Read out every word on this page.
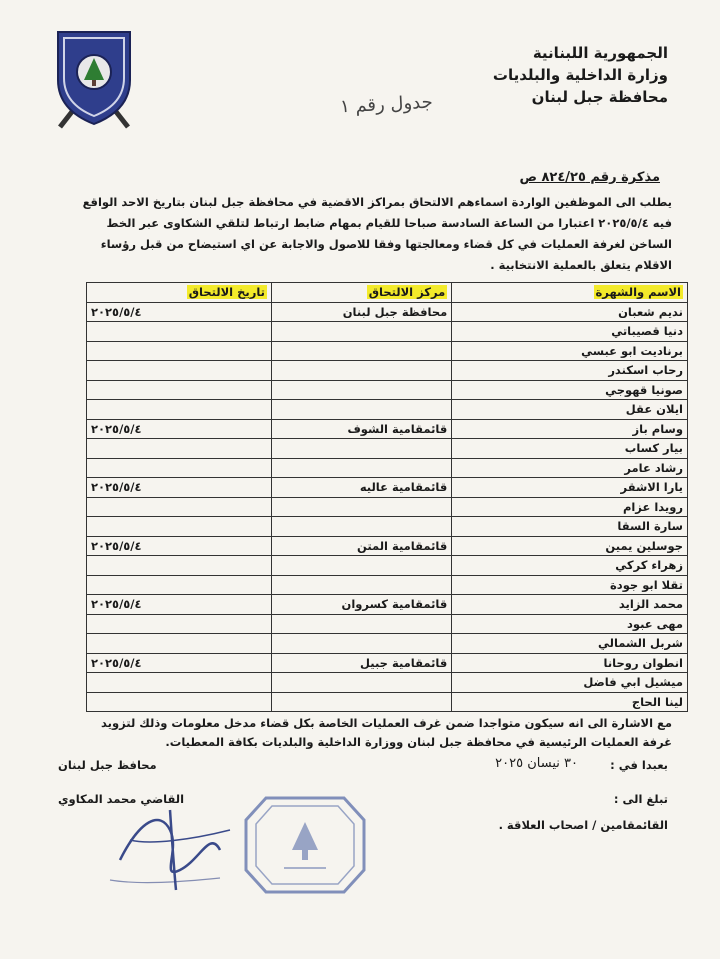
الجمهورية اللبنانية
وزارة الداخلية والبلديات
محافظة جبل لبنان
جدول رقم ١
مذكرة رقم ٨٢٤/٢٥ ص
يطلب الى الموظفين الواردة اسماءهم الالتحاق بمراكز الاقضية في محافظة جبل لبنان بتاريخ الاحد الواقع
فيه ٢٠٢٥/٥/٤ اعتبارا من الساعة السادسة صباحا للقيام بمهام ضابط ارتباط لتلقي الشكاوى عبر الخط
الساخن لغرفة العمليات في كل قضاء ومعالجتها وفقا للاصول والاجابة عن اي استيضاح من قبل رؤساء
الاقلام يتعلق بالعملية الانتخابية .
الاسم والشهرة	مركز الالتحاق	تاريخ الالتحاق
نديم شعبان	محافظة جبل لبنان	٢٠٢٥/٥/٤
دنيا قصيباتي		
برناديت ابو عبسي		
رحاب اسكندر		
صونيا قهوجي		
ايلان عقل		
وسام باز	قائمقامية الشوف	٢٠٢٥/٥/٤
بيار كساب		
رشاد عامر		
يارا الاشقر	قائمقامية عاليه	٢٠٢٥/٥/٤
رويدا عزام		
سارة السقا		
جوسلين يمين	قائمقامية المتن	٢٠٢٥/٥/٤
زهراء كركي		
تقلا ابو جودة		
محمد الزايد	قائمقامية كسروان	٢٠٢٥/٥/٤
مهى عبود		
شربل الشمالي		
انطوان روحانا	قائمقامية جبيل	٢٠٢٥/٥/٤
ميشيل ابي فاضل		
لينا الحاج		
مع الاشارة الى انه سيكون متواجدا ضمن غرف العمليات الخاصة بكل قضاء مدخل معلومات وذلك لتزويد
غرفة العمليات الرئيسية في محافظة جبل لبنان ووزارة الداخلية والبلديات بكافة المعطيات.
بعبدا في :
٣٠ نيسان ٢٠٢٥
تبلغ الى :
القائمقامين / اصحاب العلاقة .
محافظ جبل لبنان
القاضي محمد المكاوي
